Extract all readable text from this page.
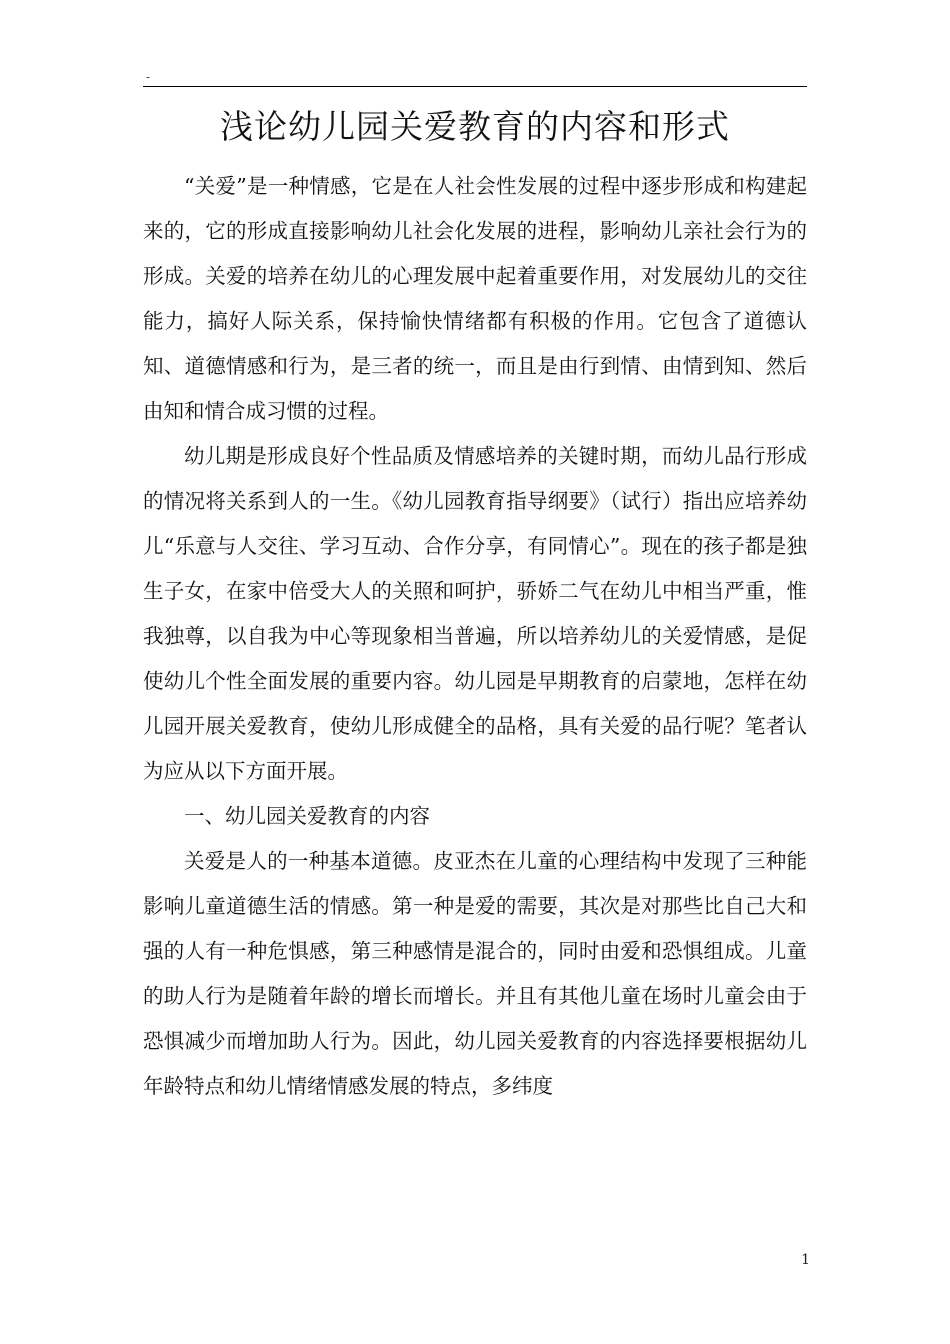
-
浅论幼儿园关爱教育的内容和形式

“关爱”是一种情感，它是在人社会性发展的过程中逐步形成和构建起来的，它的形成直接影响幼儿社会化发展的进程，影响幼儿亲社会行为的形成。关爱的培养在幼儿的心理发展中起着重要作用，对发展幼儿的交往能力，搞好人际关系，保持愉快情绪都有积极的作用。它包含了道德认知、道德情感和行为，是三者的统一，而且是由行到情、由情到知、然后由知和情合成习惯的过程。

幼儿期是形成良好个性品质及情感培养的关键时期，而幼儿品行形成的情况将关系到人的一生。《幼儿园教育指导纲要》（试行）指出应培养幼儿“乐意与人交往、学习互动、合作分享，有同情心”。现在的孩子都是独生子女，在家中倍受大人的关照和呵护，骄娇二气在幼儿中相当严重，惟我独尊，以自我为中心等现象相当普遍，所以培养幼儿的关爱情感，是促使幼儿个性全面发展的重要内容。幼儿园是早期教育的启蒙地，怎样在幼儿园开展关爱教育，使幼儿形成健全的品格，具有关爱的品行呢？笔者认为应从以下方面开展。

一、幼儿园关爱教育的内容

关爱是人的一种基本道德。皮亚杰在儿童的心理结构中发现了三种能影响儿童道德生活的情感。第一种是爱的需要，其次是对那些比自己大和强的人有一种危惧感，第三种感情是混合的，同时由爱和恐惧组成。儿童的助人行为是随着年龄的增长而增长。并且有其他儿童在场时儿童会由于恐惧减少而增加助人行为。因此，幼儿园关爱教育的内容选择要根据幼儿年龄特点和幼儿情绪情感发展的特点，多纬度

1
